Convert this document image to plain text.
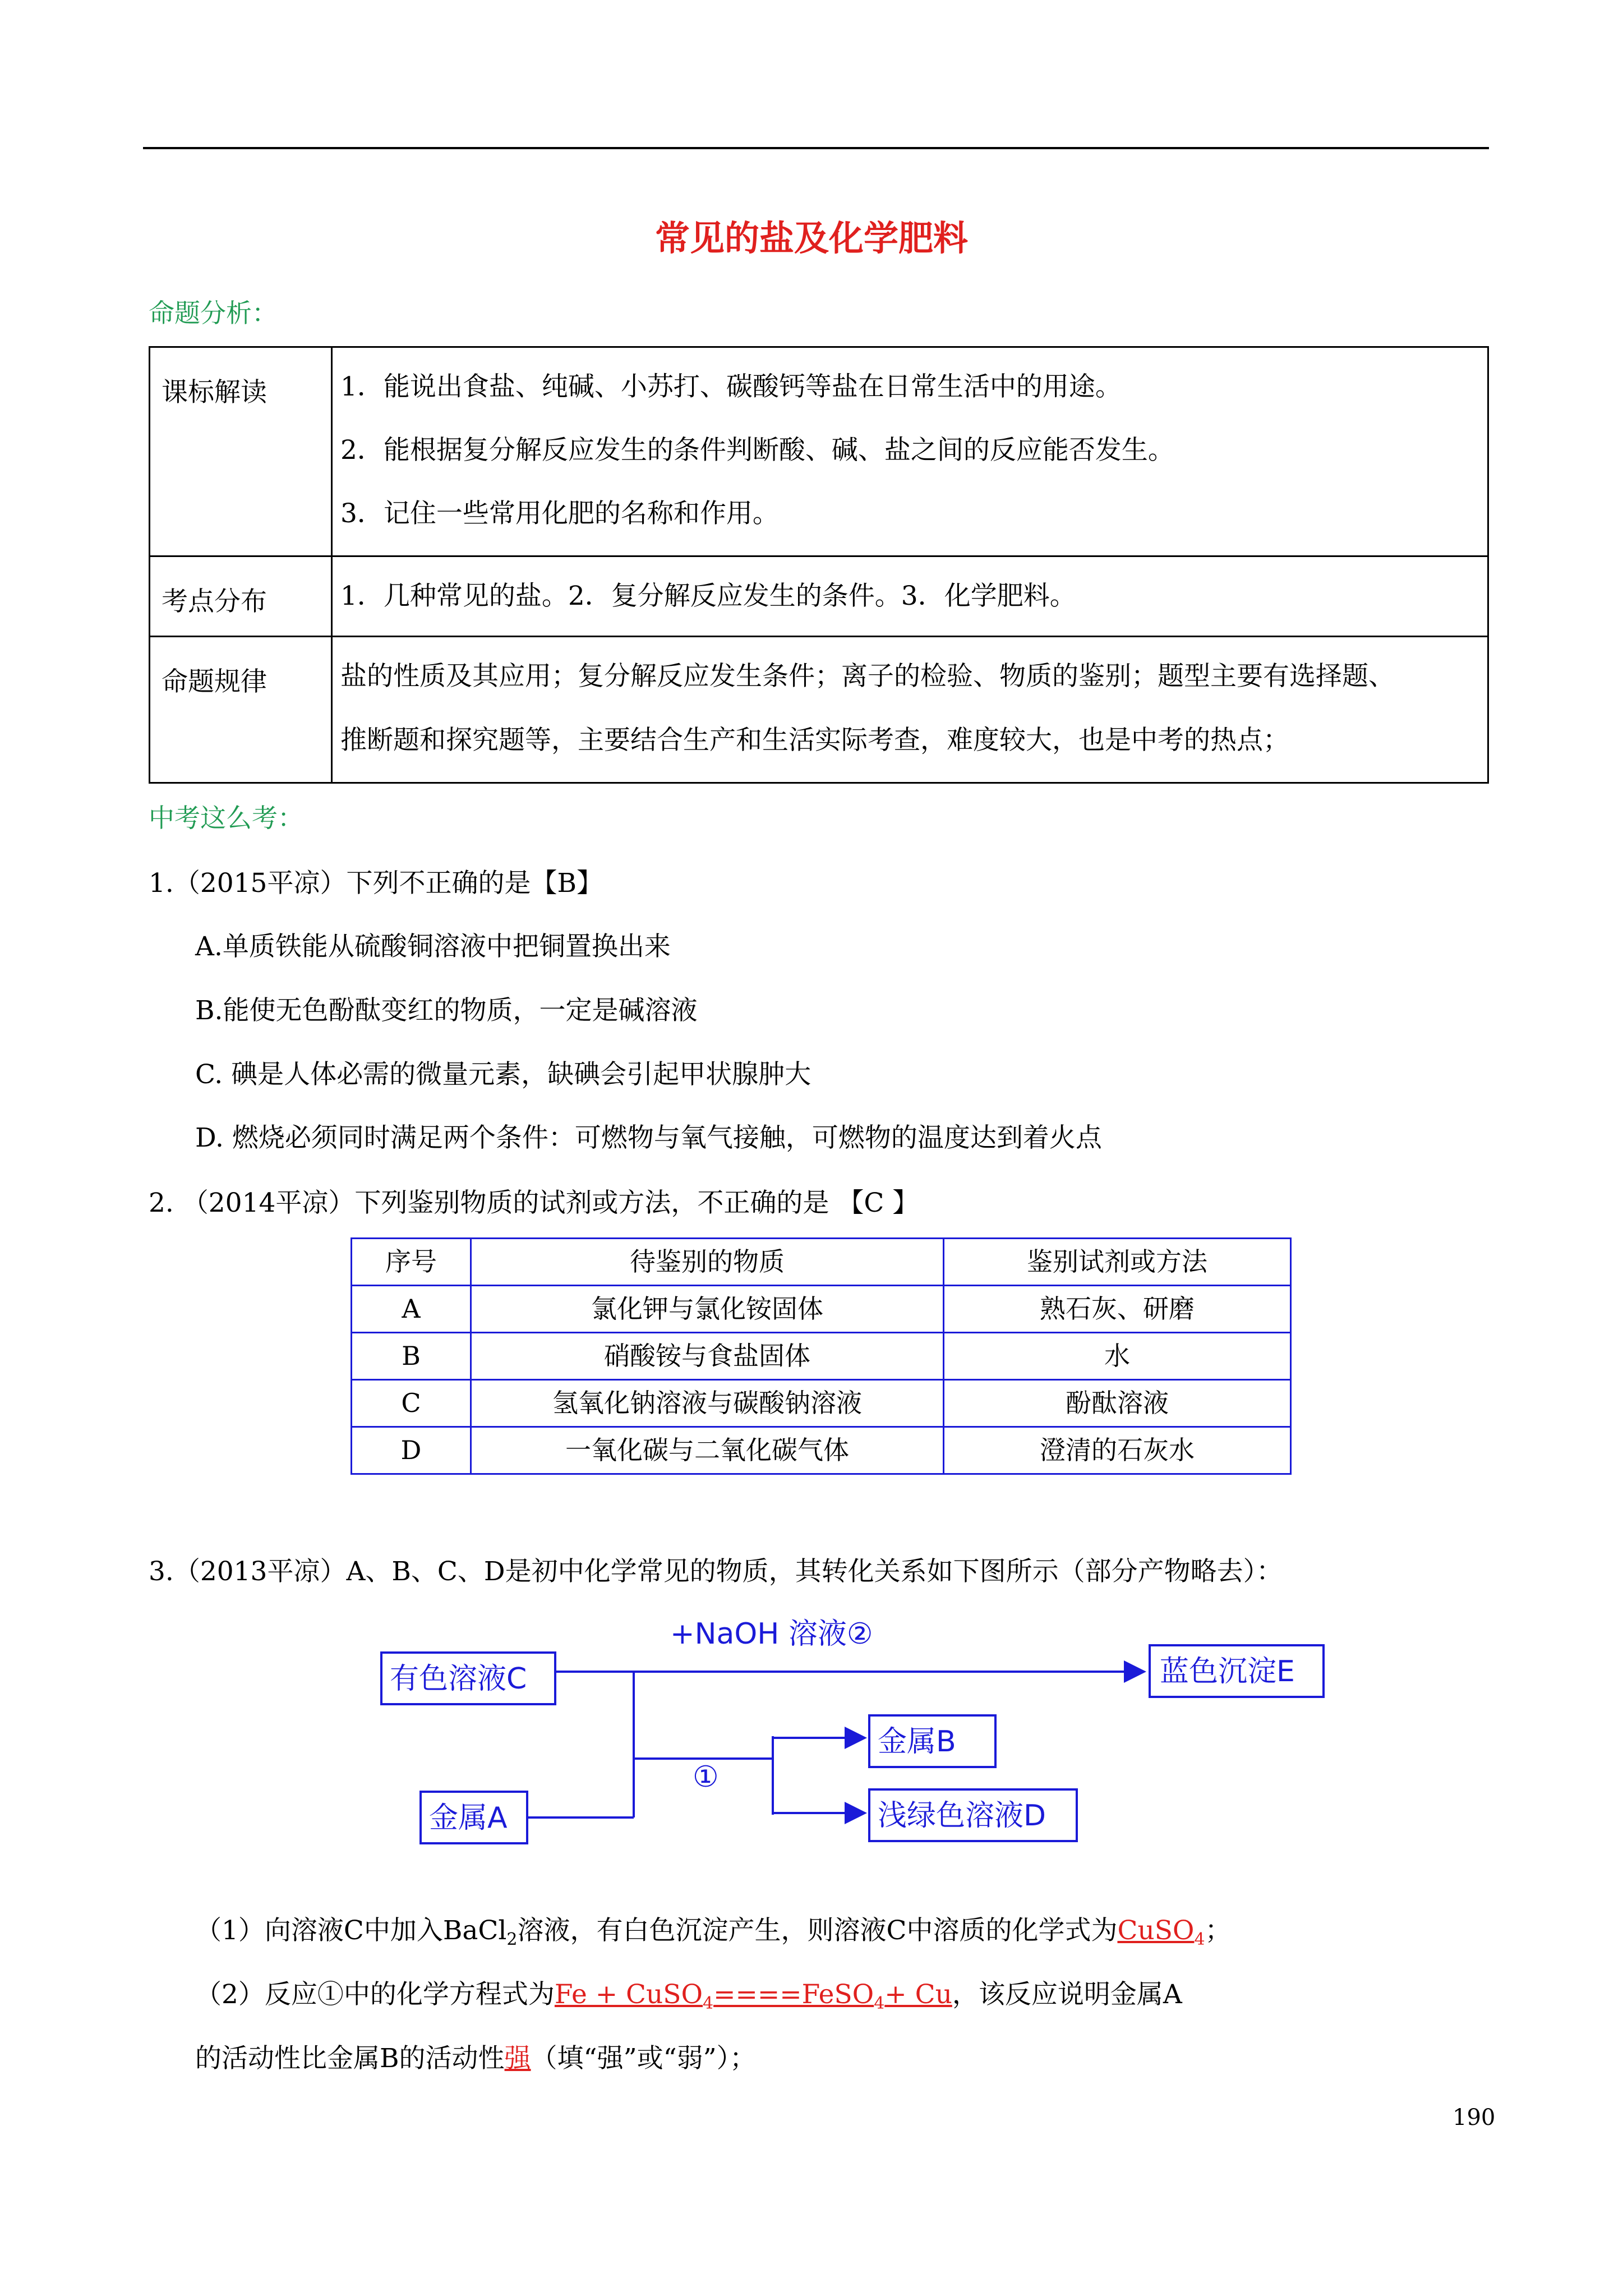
常见的盐及化学肥料
命题分析：
课标解读	1．能说出食盐、纯碱、小苏打、碳酸钙等盐在日常生活中的用途。
2．能根据复分解反应发生的条件判断酸、碱、盐之间的反应能否发生。
3．记住一些常用化肥的名称和作用。

考点分布	1．几种常见的盐。2．复分解反应发生的条件。3．化学肥料。

命题规律	盐的性质及其应用；复分解反应发生条件；离子的检验、物质的鉴别；题型主要有选择题、
推断题和探究题等，主要结合生产和生活实际考查，难度较大，也是中考的热点；
中考这么考：
1.（2015平凉）下列不正确的是【B】
A.单质铁能从硫酸铜溶液中把铜置换出来
B.能使无色酚酞变红的物质，一定是碱溶液
C. 碘是人体必需的微量元素，缺碘会引起甲状腺肿大
D. 燃烧必须同时满足两个条件：可燃物与氧气接触，可燃物的温度达到着火点
2. （2014平凉）下列鉴别物质的试剂或方法，不正确的是 【C 】
序号	待鉴别的物质	鉴别试剂或方法
A	氯化钾与氯化铵固体	熟石灰、研磨
B	硝酸铵与食盐固体	水
C	氢氧化钠溶液与碳酸钠溶液	酚酞溶液
D	一氧化碳与二氧化碳气体	澄清的石灰水
3.（2013平凉）A、B、C、D是初中化学常见的物质，其转化关系如下图所示（部分产物略去）：
有色溶液C
金属A
蓝色沉淀E
金属B
浅绿色溶液D
+NaOH 溶液②
①
（1）向溶液C中加入BaCl$_2$溶液，有白色沉淀产生，则溶液C中溶质的化学式为CuSO$_4$；
（2）反应①中的化学方程式为Fe + CuSO$_4$====FeSO$_4$+ Cu，该反应说明金属A
的活动性比金属B的活动性强（填“强”或“弱”）；
190
